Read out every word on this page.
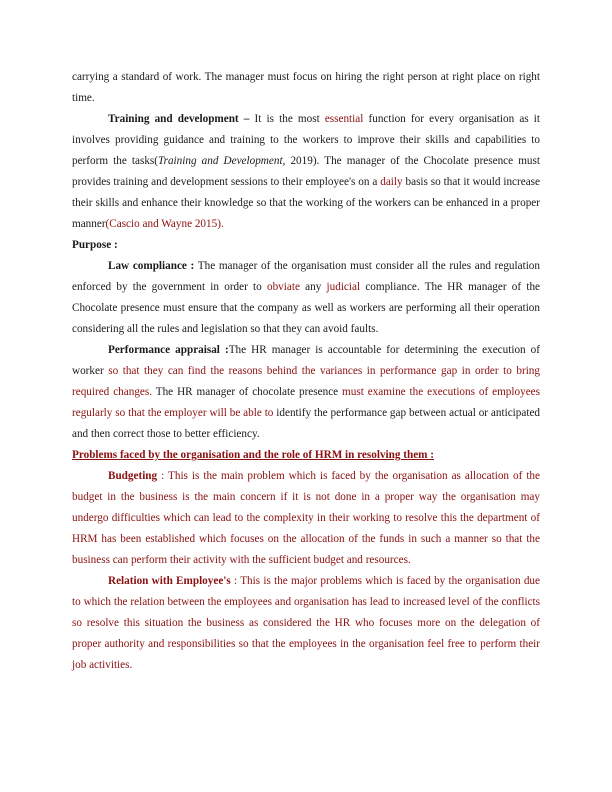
carrying a standard of work. The manager must focus on hiring the right person at right place on right time.

Training and development – It is the most essential function for every organisation as it involves providing guidance and training to the workers to improve their skills and capabilities to perform the tasks(Training and Development, 2019). The manager of the Chocolate presence must provides training and development sessions to their employee's on a daily basis so that it would increase their skills and enhance their knowledge so that the working of the workers can be enhanced in a proper manner(Cascio and Wayne 2015).

Purpose :

Law compliance : The manager of the organisation must consider all the rules and regulation enforced by the government in order to obviate any judicial compliance. The HR manager of the Chocolate presence must ensure that the company as well as workers are performing all their operation considering all the rules and legislation so that they can avoid faults.

Performance appraisal :The HR manager is accountable for determining the execution of worker so that they can find the reasons behind the variances in performance gap in order to bring required changes. The HR manager of chocolate presence must examine the executions of employees regularly so that the employer will be able to identify the performance gap between actual or anticipated and then correct those to better efficiency.

Problems faced by the organisation and the role of HRM in resolving them :

Budgeting : This is the main problem which is faced by the organisation as allocation of the budget in the business is the main concern if it is not done in a proper way the organisation may undergo difficulties which can lead to the complexity in their working to resolve this the department of HRM has been established which focuses on the allocation of the funds in such a manner so that the business can perform their activity with the sufficient budget and resources.

Relation with Employee's : This is the major problems which is faced by the organisation due to which the relation between the employees and organisation has lead to increased level of the conflicts so resolve this situation the business as considered the HR who focuses more on the delegation of proper authority and responsibilities so that the employees in the organisation feel free to perform their job activities.
